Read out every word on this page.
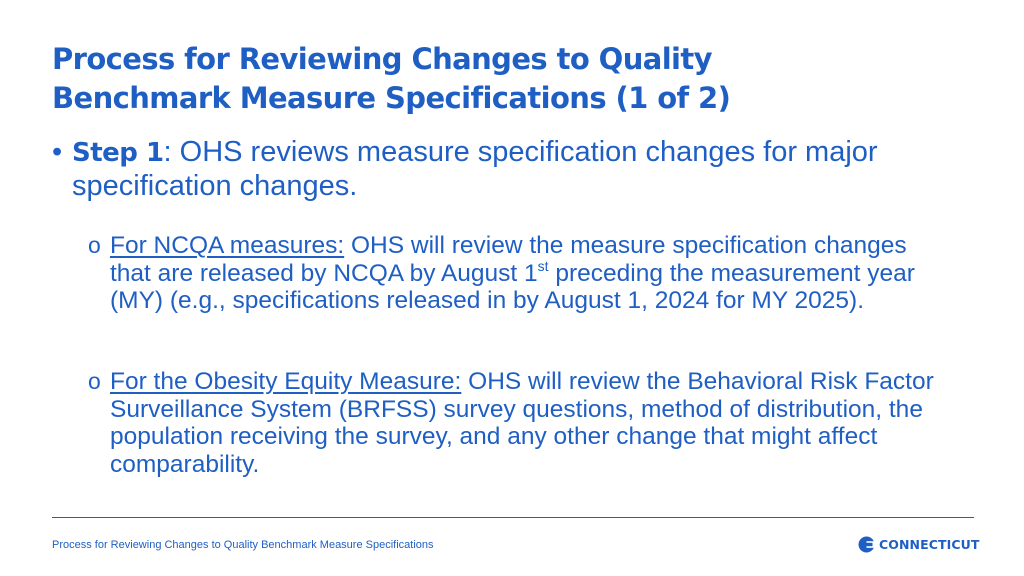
Process for Reviewing Changes to Quality
Benchmark Measure Specifications (1 of 2)
• Step 1: OHS reviews measure specification changes for major specification changes.
o For NCQA measures: OHS will review the measure specification changes that are released by NCQA by August 1st preceding the measurement year (MY) (e.g., specifications released in by August 1, 2024 for MY 2025).
o For the Obesity Equity Measure: OHS will review the Behavioral Risk Factor Surveillance System (BRFSS) survey questions, method of distribution, the population receiving the survey, and any other change that might affect comparability.
Process for Reviewing Changes to Quality Benchmark Measure Specifications	CONNECTICUT
